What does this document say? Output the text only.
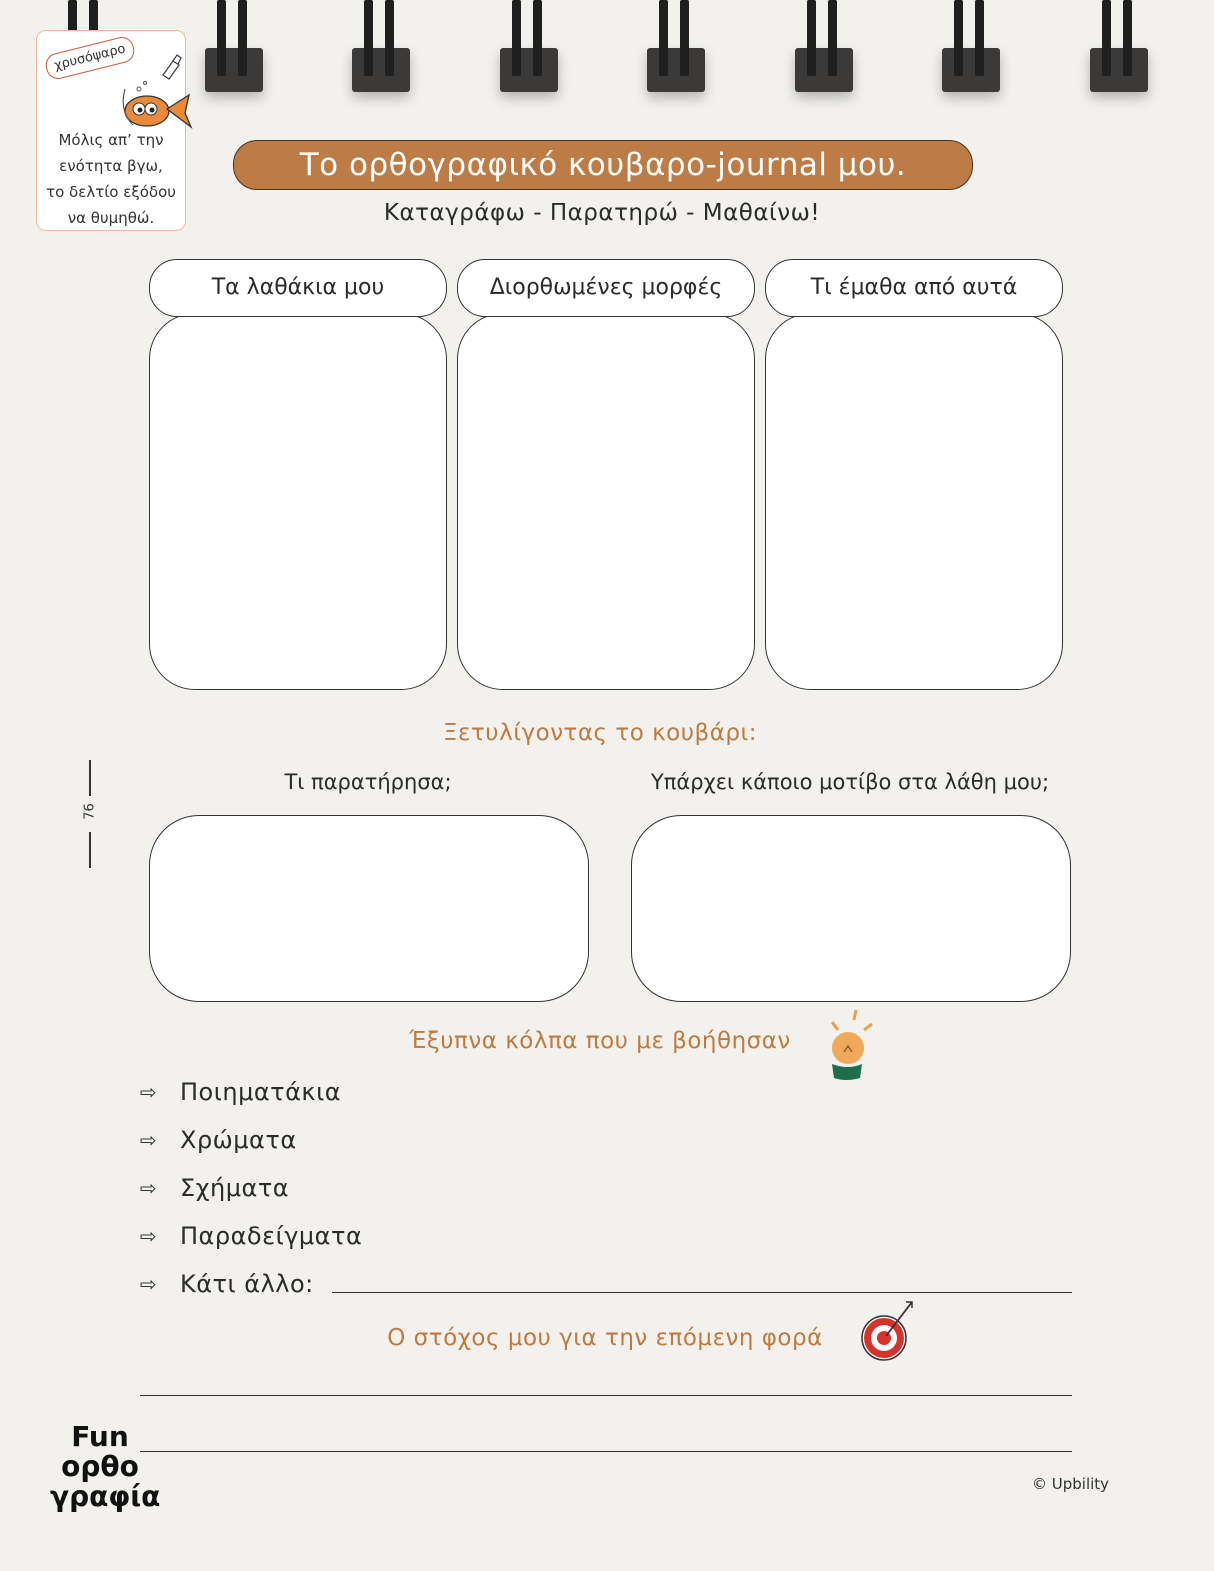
χρυσόψαρο
Μόλις απ’ την
ενότητα βγω,
το δελτίο εξόδου
να θυμηθώ.
Το ορθογραφικό κουβαρο-journal μου.
Καταγράφω - Παρατηρώ - Μαθαίνω!
Τα λαθάκια μου	Διορθωμένες μορφές	Τι έμαθα από αυτά
Ξετυλίγοντας το κουβάρι:
Τι παρατήρησα;	Υπάρχει κάποιο μοτίβο στα λάθη μου;
Έξυπνα κόλπα που με βοήθησαν
⇨ Ποιηματάκια
⇨ Χρώματα
⇨ Σχήματα
⇨ Παραδείγματα
⇨ Κάτι άλλο:
Ο στόχος μου για την επόμενη φορά
76
Fun
ορθο
γραφία	© Upbility
